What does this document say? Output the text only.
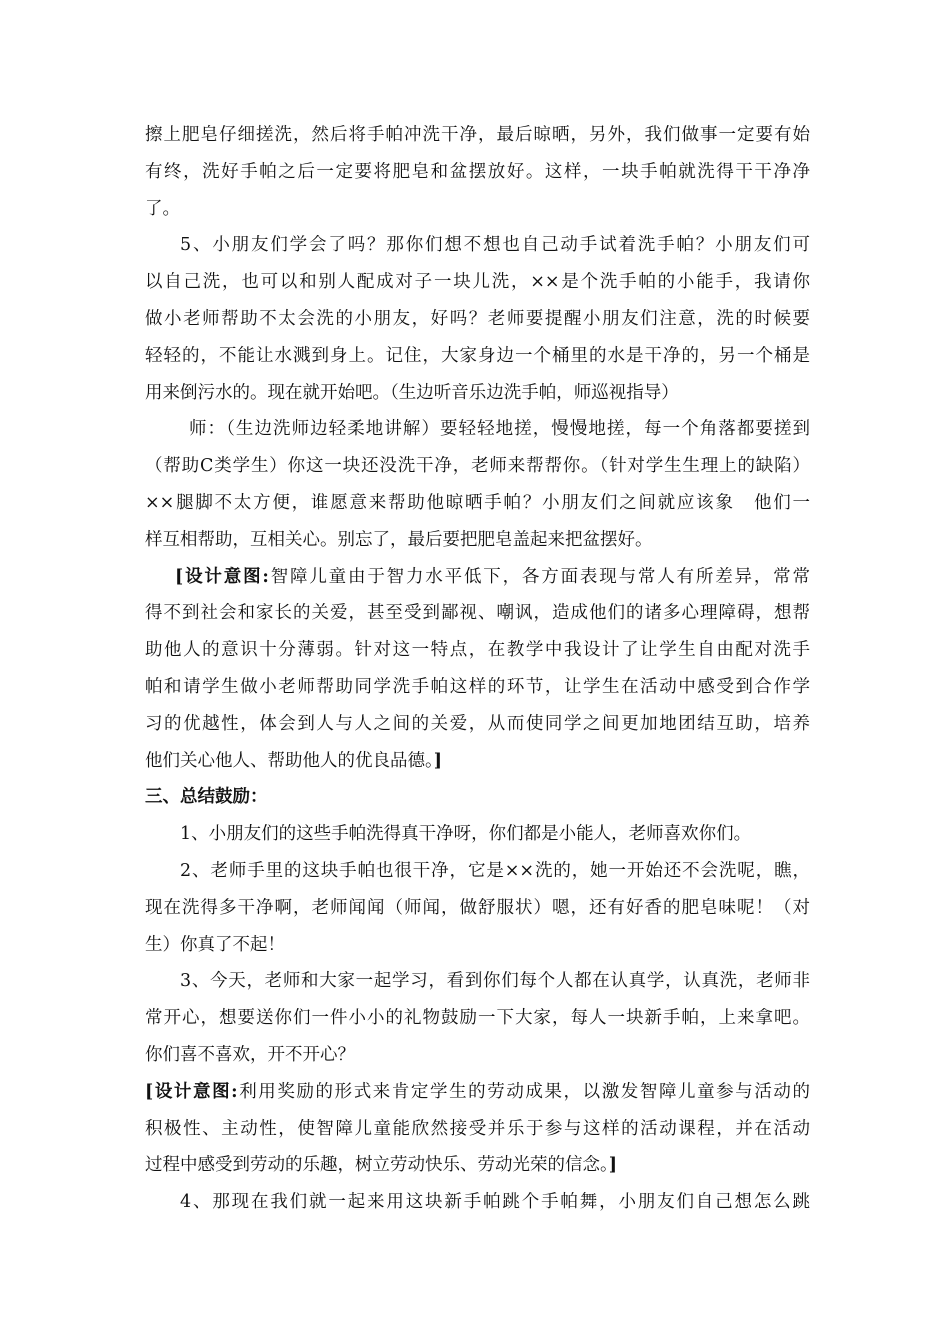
擦上肥皂仔细搓洗，然后将手帕冲洗干净，最后晾晒，另外，我们做事一定要有始
有终，洗好手帕之后一定要将肥皂和盆摆放好。这样，一块手帕就洗得干干净净
了。
5、小朋友们学会了吗？那你们想不想也自己动手试着洗手帕？小朋友们可
以自己洗，也可以和别人配成对子一块儿洗，××是个洗手帕的小能手，我请你
做小老师帮助不太会洗的小朋友，好吗？老师要提醒小朋友们注意，洗的时候要
轻轻的，不能让水溅到身上。记住，大家身边一个桶里的水是干净的，另一个桶是
用来倒污水的。现在就开始吧。（生边听音乐边洗手帕，师巡视指导）
师：（生边洗师边轻柔地讲解）要轻轻地搓，慢慢地搓，每一个角落都要搓到
（帮助C类学生）你这一块还没洗干净，老师来帮帮你。（针对学生生理上的缺陷）
××腿脚不太方便，谁愿意来帮助他晾晒手帕？小朋友们之间就应该象　他们一
样互相帮助，互相关心。别忘了，最后要把肥皂盖起来把盆摆好。
[设计意图:智障儿童由于智力水平低下，各方面表现与常人有所差异，常常
得不到社会和家长的关爱，甚至受到鄙视、嘲讽，造成他们的诸多心理障碍，想帮
助他人的意识十分薄弱。针对这一特点，在教学中我设计了让学生自由配对洗手
帕和请学生做小老师帮助同学洗手帕这样的环节，让学生在活动中感受到合作学
习的优越性，体会到人与人之间的关爱，从而使同学之间更加地团结互助，培养
他们关心他人、帮助他人的优良品德。]
三、总结鼓励：
1、小朋友们的这些手帕洗得真干净呀，你们都是小能人，老师喜欢你们。
2、老师手里的这块手帕也很干净，它是××洗的，她一开始还不会洗呢，瞧，
现在洗得多干净啊，老师闻闻（师闻，做舒服状）嗯，还有好香的肥皂味呢！（对
生）你真了不起！
3、今天，老师和大家一起学习，看到你们每个人都在认真学，认真洗，老师非
常开心，想要送你们一件小小的礼物鼓励一下大家，每人一块新手帕，上来拿吧。
你们喜不喜欢，开不开心？
[设计意图:利用奖励的形式来肯定学生的劳动成果，以激发智障儿童参与活动的
积极性、主动性，使智障儿童能欣然接受并乐于参与这样的活动课程，并在活动
过程中感受到劳动的乐趣，树立劳动快乐、劳动光荣的信念。]
4、那现在我们就一起来用这块新手帕跳个手帕舞，小朋友们自己想怎么跳
